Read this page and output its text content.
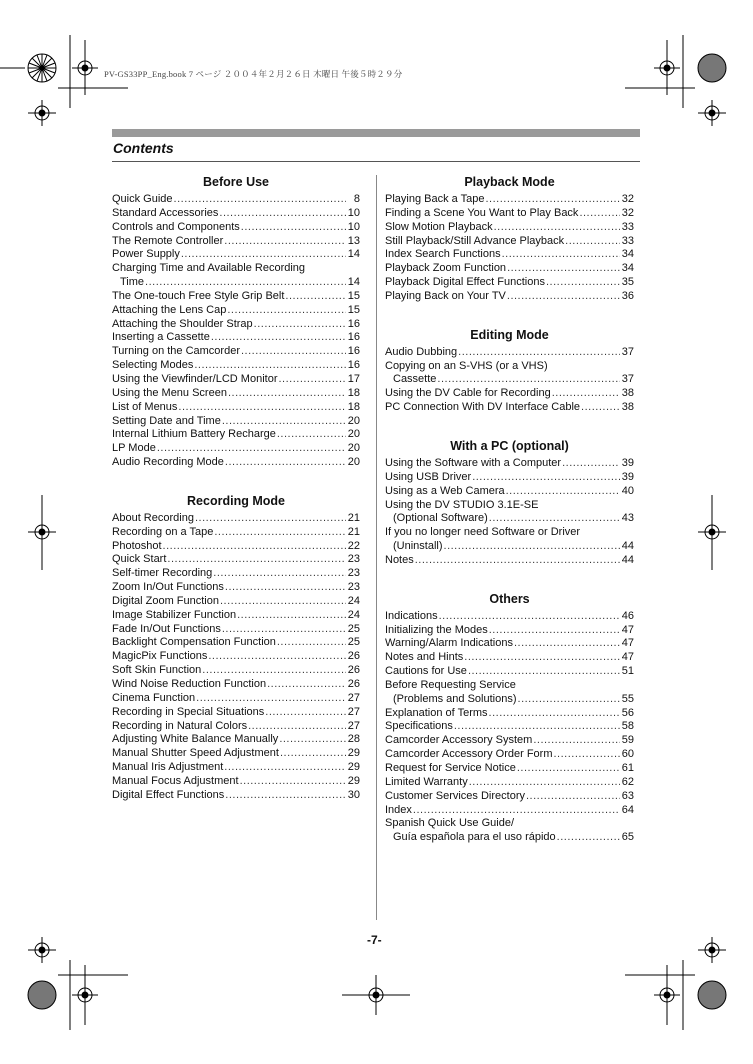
PV-GS33PP_Eng.book 7 ページ ２００４年２月２６日 木曜日 午後５時２９分
Contents
Before Use
Quick Guide .....	8
Standard Accessories .....	10
Controls and Components .....	10
The Remote Controller .....	13
Power Supply .....	14
Charging Time and Available Recording
Time .....	14
The One-touch Free Style Grip Belt .....	15
Attaching the Lens Cap .....	15
Attaching the Shoulder Strap .....	16
Inserting a Cassette .....	16
Turning on the Camcorder .....	16
Selecting Modes .....	16
Using the Viewfinder/LCD Monitor .....	17
Using the Menu Screen .....	18
List of Menus .....	18
Setting Date and Time .....	20
Internal Lithium Battery Recharge .....	20
LP Mode .....	20
Audio Recording Mode .....	20
Recording Mode
About Recording .....	21
Recording on a Tape .....	21
Photoshot .....	22
Quick Start .....	23
Self-timer Recording .....	23
Zoom In/Out Functions .....	23
Digital Zoom Function .....	24
Image Stabilizer Function .....	24
Fade In/Out Functions .....	25
Backlight Compensation Function .....	25
MagicPix Functions .....	26
Soft Skin Function .....	26
Wind Noise Reduction Function .....	26
Cinema Function .....	27
Recording in Special Situations .....	27
Recording in Natural Colors .....	27
Adjusting White Balance Manually .....	28
Manual Shutter Speed Adjustment .....	29
Manual Iris Adjustment .....	29
Manual Focus Adjustment .....	29
Digital Effect Functions .....	30
Playback Mode
Playing Back a Tape .....	32
Finding a Scene You Want to Play Back .....	32
Slow Motion Playback .....	33
Still Playback/Still Advance Playback .....	33
Index Search Functions .....	34
Playback Zoom Function .....	34
Playback Digital Effect Functions .....	35
Playing Back on Your TV .....	36
Editing Mode
Audio Dubbing .....	37
Copying on an S-VHS (or a VHS)
Cassette .....	37
Using the DV Cable for Recording .....	38
PC Connection With DV Interface Cable .....	38
With a PC (optional)
Using the Software with a Computer .....	39
Using USB Driver .....	39
Using as a Web Camera .....	40
Using the DV STUDIO 3.1E-SE
(Optional Software) .....	43
If you no longer need Software or Driver
(Uninstall) .....	44
Notes .....	44
Others
Indications .....	46
Initializing the Modes .....	47
Warning/Alarm Indications .....	47
Notes and Hints .....	47
Cautions for Use .....	51
Before Requesting Service
(Problems and Solutions) .....	55
Explanation of Terms .....	56
Specifications .....	58
Camcorder Accessory System .....	59
Camcorder Accessory Order Form .....	60
Request for Service Notice .....	61
Limited Warranty .....	62
Customer Services Directory .....	63
Index .....	64
Spanish Quick Use Guide/
Guía española para el uso rápido .....	65
-7-
